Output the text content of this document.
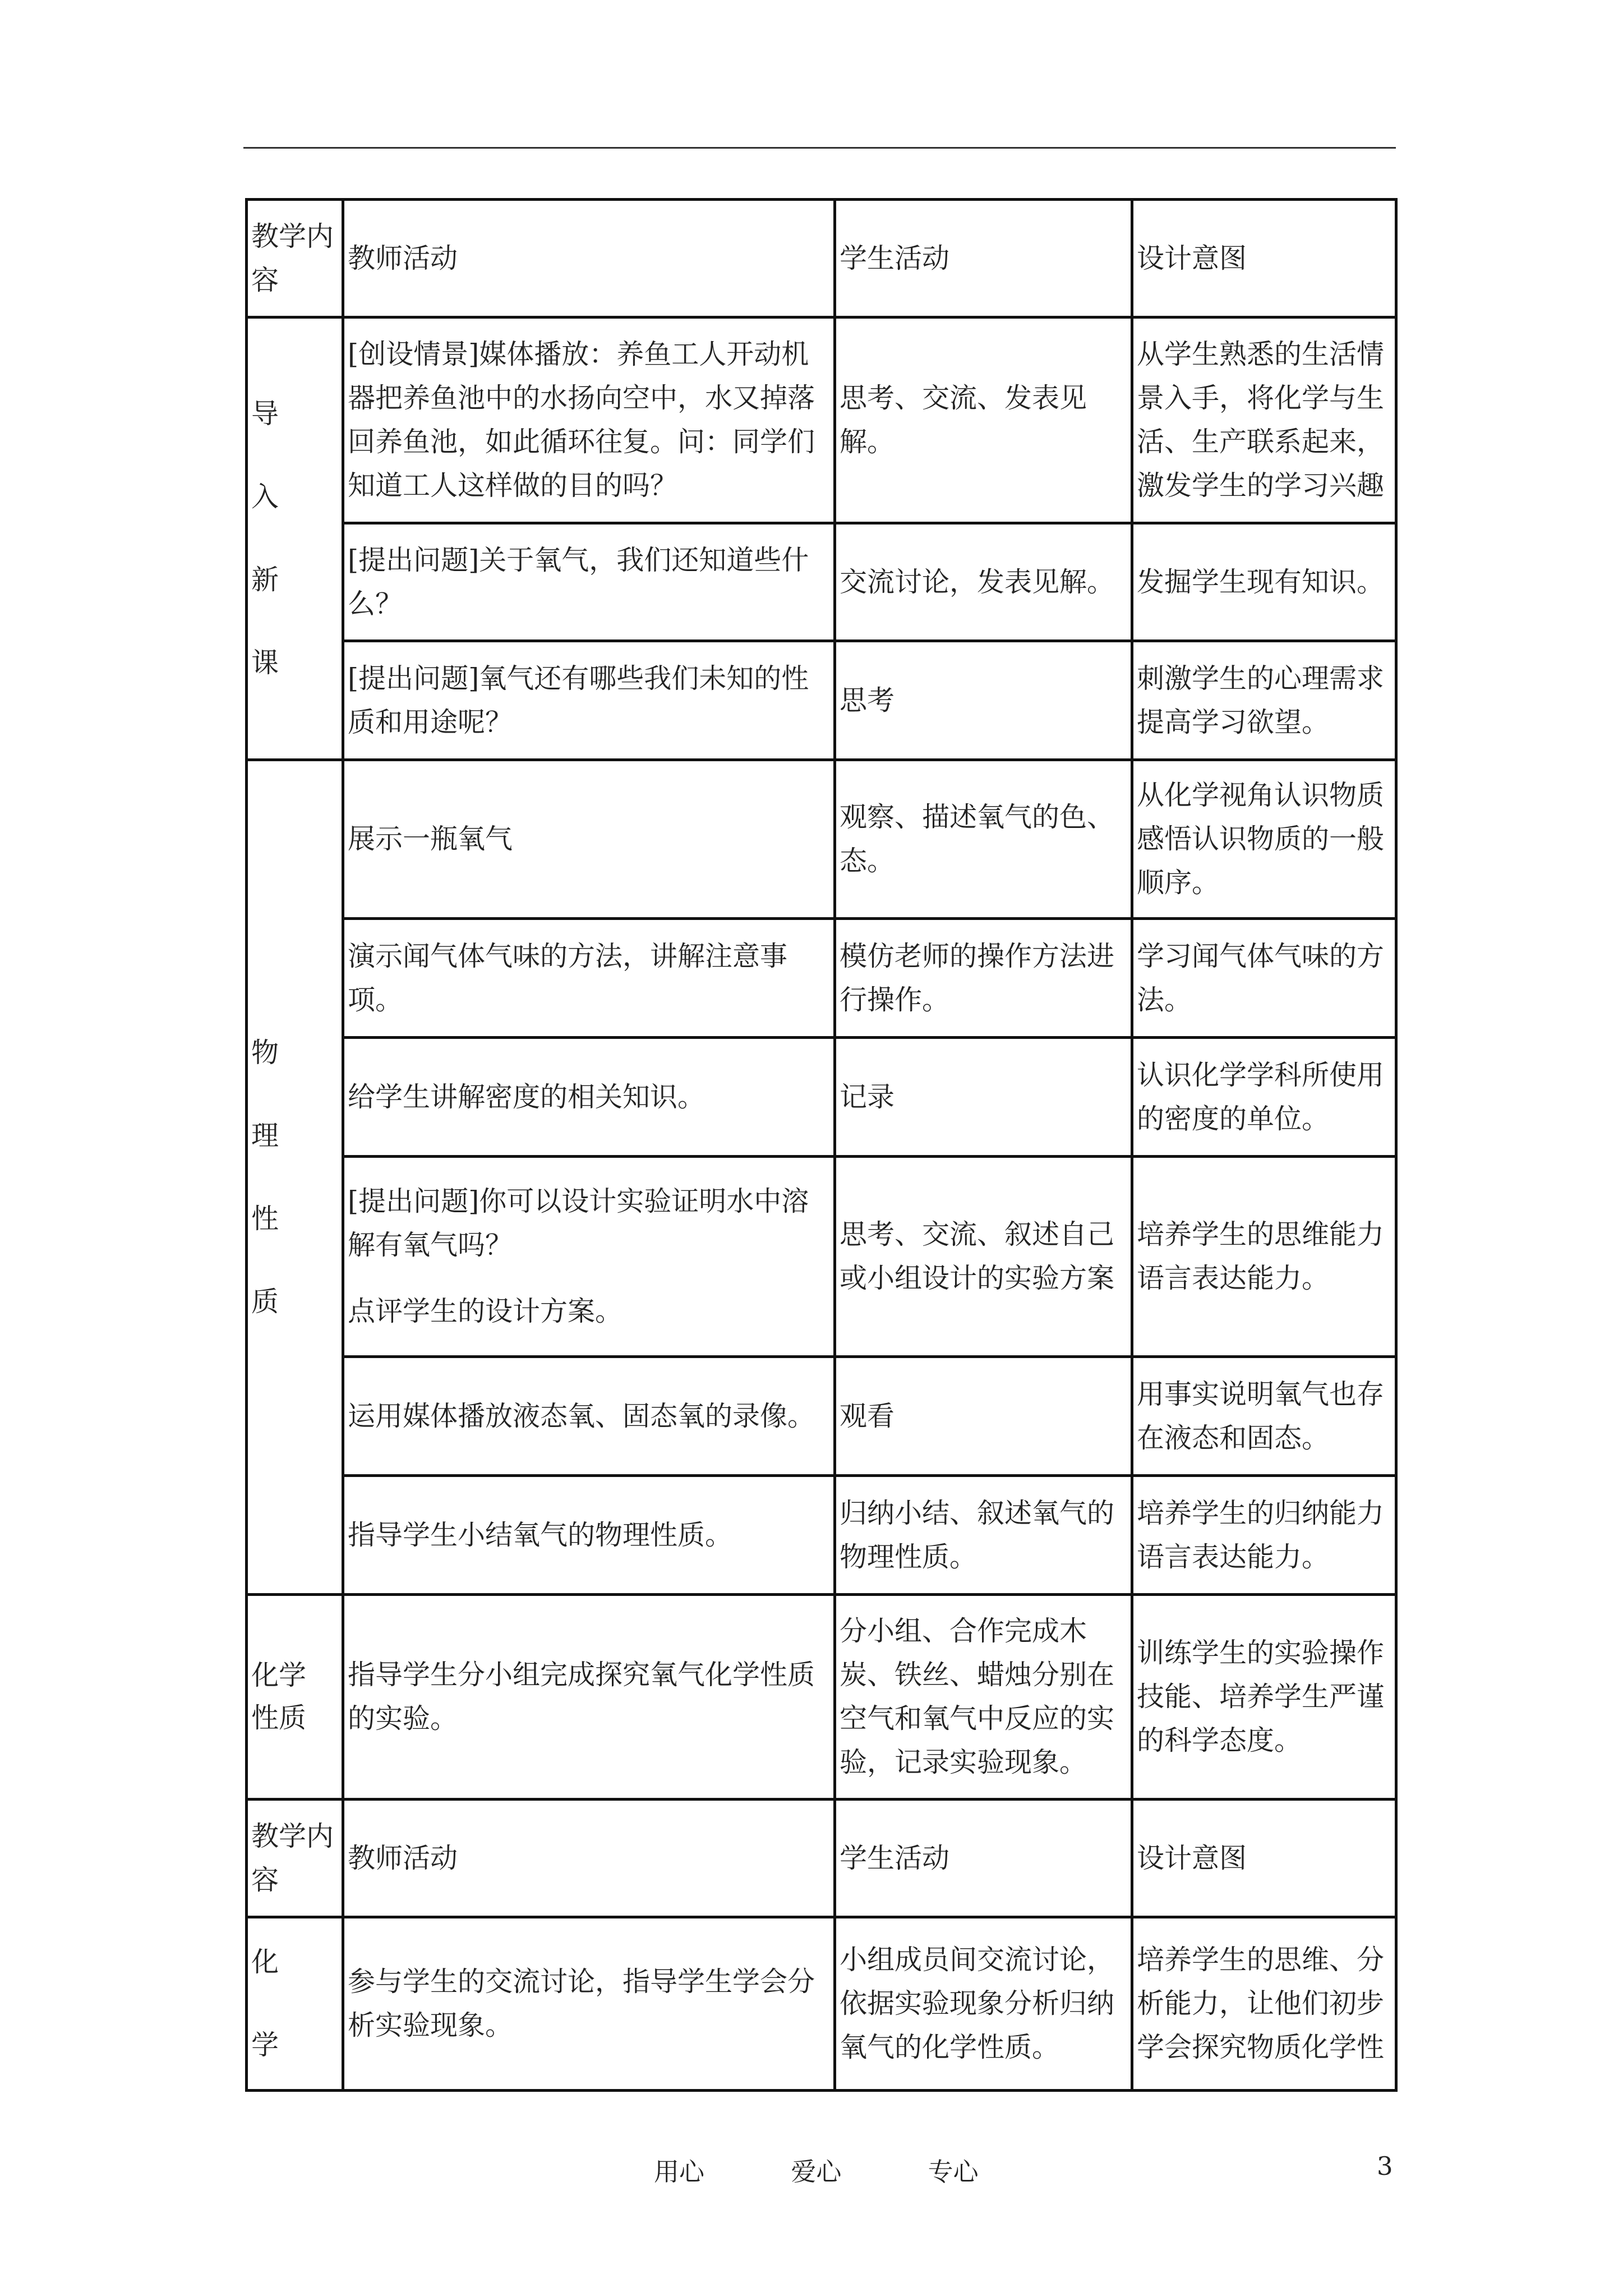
教学内容	教师活动	学生活动	设计意图

导
入
新
课	[创设情景]媒体播放：养鱼工人开动机器把养鱼池中的水扬向空中，水又掉落回养鱼池，如此循环往复。问：同学们知道工人这样做的目的吗？	思考、交流、发表见解。	从学生熟悉的生活情景入手，将化学与生活、生产联系起来，激发学生的学习兴趣
	[提出问题]关于氧气，我们还知道些什么？	交流讨论，发表见解。	发掘学生现有知识。
	[提出问题]氧气还有哪些我们未知的性质和用途呢？	思考	刺激学生的心理需求提高学习欲望。

物
理
性
质	展示一瓶氧气	观察、描述氧气的色、态。	从化学视角认识物质感悟认识物质的一般顺序。
	演示闻气体气味的方法，讲解注意事项。	模仿老师的操作方法进行操作。	学习闻气体气味的方法。
	给学生讲解密度的相关知识。	记录	认识化学学科所使用的密度的单位。
	[提出问题]你可以设计实验证明水中溶解有氧气吗？
点评学生的设计方案。	思考、交流、叙述自己或小组设计的实验方案	培养学生的思维能力语言表达能力。
	运用媒体播放液态氧、固态氧的录像。	观看	用事实说明氧气也存在液态和固态。
	指导学生小结氧气的物理性质。	归纳小结、叙述氧气的物理性质。	培养学生的归纳能力语言表达能力。

化学
性质	指导学生分小组完成探究氧气化学性质的实验。	分小组、合作完成木炭、铁丝、蜡烛分别在空气和氧气中反应的实验，记录实验现象。	训练学生的实验操作技能、培养学生严谨的科学态度。
教学内容	教师活动	学生活动	设计意图

化
学	参与学生的交流讨论，指导学生学会分析实验现象。	小组成员间交流讨论，依据实验现象分析归纳氧气的化学性质。	培养学生的思维、分析能力，让他们初步学会探究物质化学性
用心	爱心	专心	3
